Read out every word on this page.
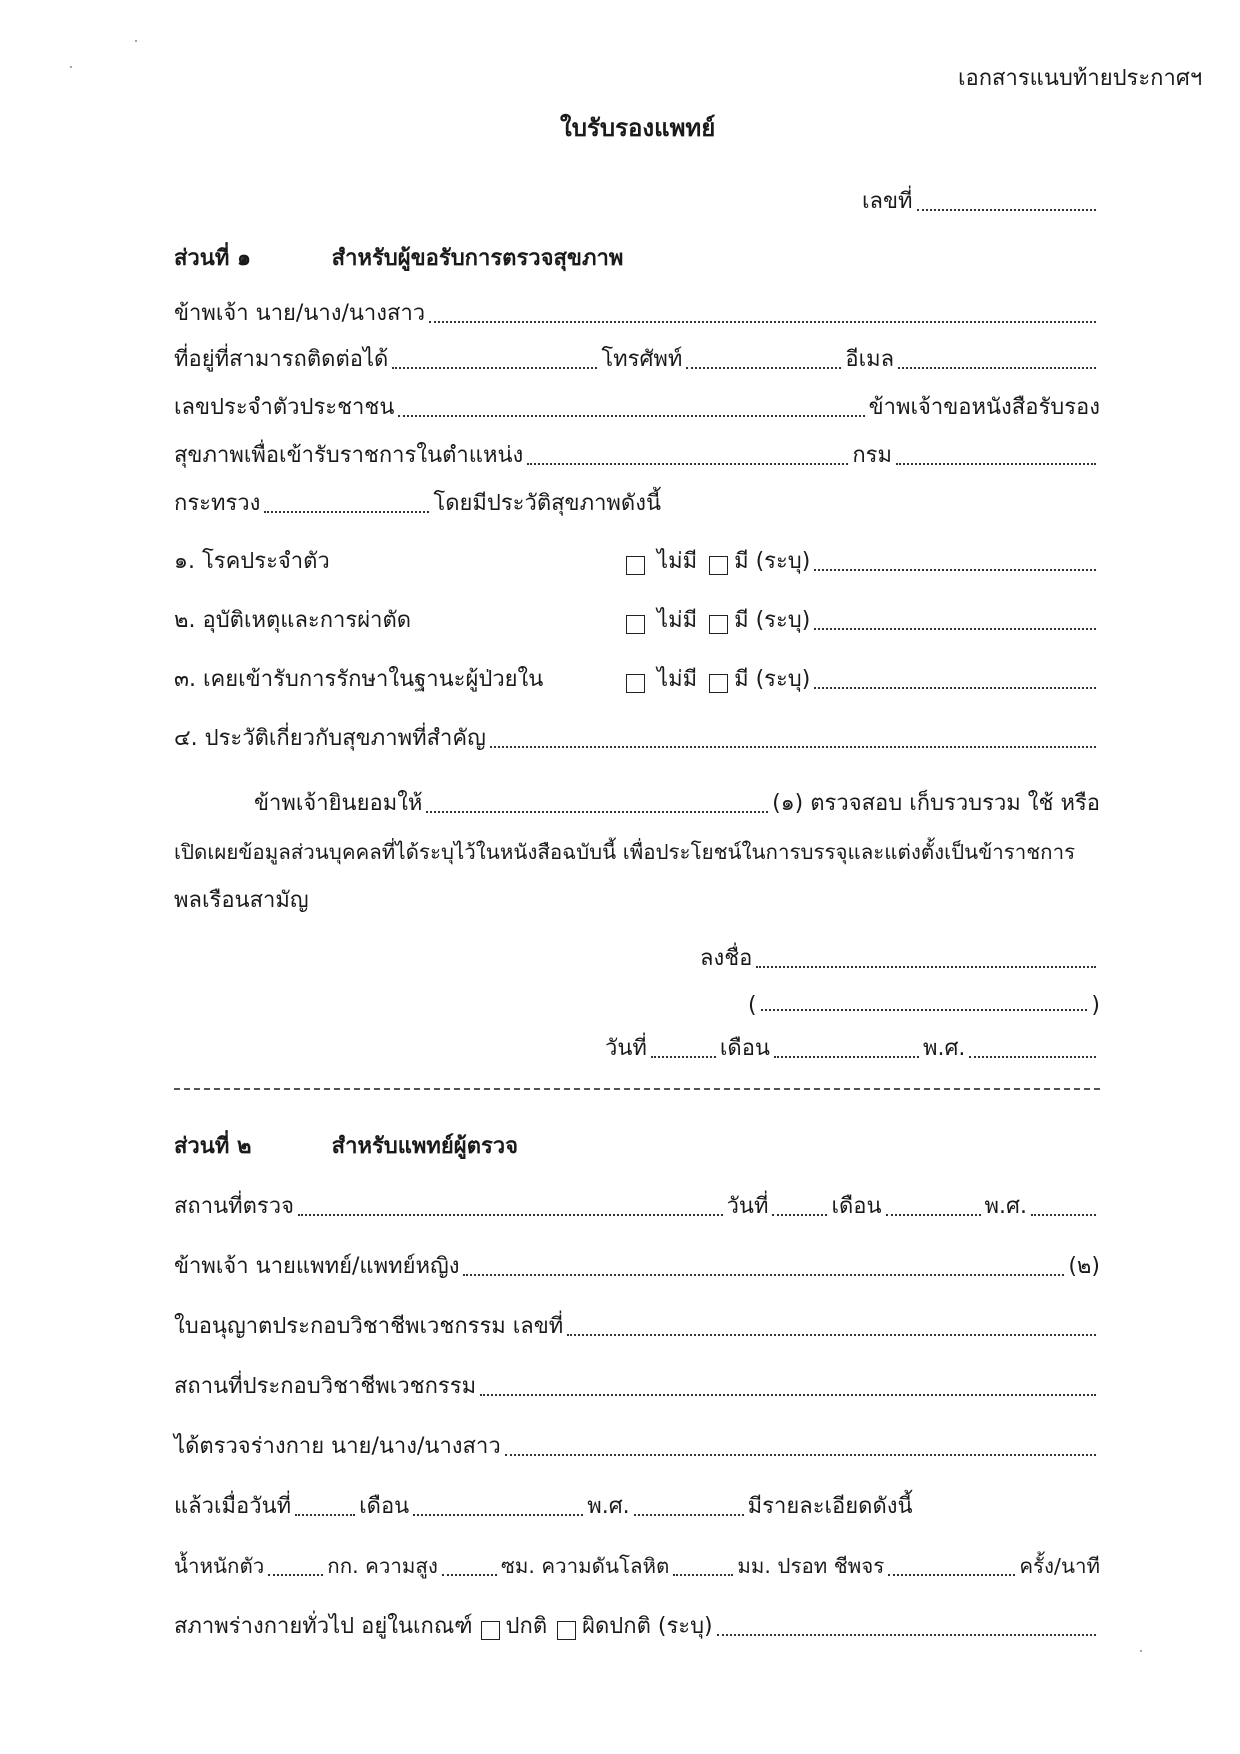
เอกสารแนบท้ายประกาศฯ
ใบรับรองแพทย์
เลขที่
ส่วนที่ ๑	สำหรับผู้ขอรับการตรวจสุขภาพ
ข้าพเจ้า นาย/นาง/นางสาว
ที่อยู่ที่สามารถติดต่อได้	โทรศัพท์	อีเมล
เลขประจำตัวประชาชน	ข้าพเจ้าขอหนังสือรับรอง
สุขภาพเพื่อเข้ารับราชการในตำแหน่ง	กรม
กระทรวง	โดยมีประวัติสุขภาพดังนี้
๑. โรคประจำตัว	ไม่มี มี (ระบุ)
๒. อุบัติเหตุและการผ่าตัด	ไม่มี มี (ระบุ)
๓. เคยเข้ารับการรักษาในฐานะผู้ป่วยใน	ไม่มี มี (ระบุ)
๔. ประวัติเกี่ยวกับสุขภาพที่สำคัญ
ข้าพเจ้ายินยอมให้	(๑) ตรวจสอบ เก็บรวบรวม ใช้ หรือ
เปิดเผยข้อมูลส่วนบุคคลที่ได้ระบุไว้ในหนังสือฉบับนี้ เพื่อประโยชน์ในการบรรจุและแต่งตั้งเป็นข้าราชการ
พลเรือนสามัญ
ลงชื่อ
(	)
วันที่	เดือน	พ.ศ.
ส่วนที่ ๒	สำหรับแพทย์ผู้ตรวจ
สถานที่ตรวจ	วันที่	เดือน	พ.ศ.
ข้าพเจ้า นายแพทย์/แพทย์หญิง	(๒)
ใบอนุญาตประกอบวิชาชีพเวชกรรม เลขที่
สถานที่ประกอบวิชาชีพเวชกรรม
ได้ตรวจร่างกาย นาย/นาง/นางสาว
แล้วเมื่อวันที่	เดือน	พ.ศ.	มีรายละเอียดดังนี้
น้ำหนักตัว	กก. ความสูง	ซม. ความดันโลหิต	มม. ปรอท ชีพจร	ครั้ง/นาที
สภาพร่างกายทั่วไป อยู่ในเกณฑ์ ปกติ ผิดปกติ (ระบุ)
